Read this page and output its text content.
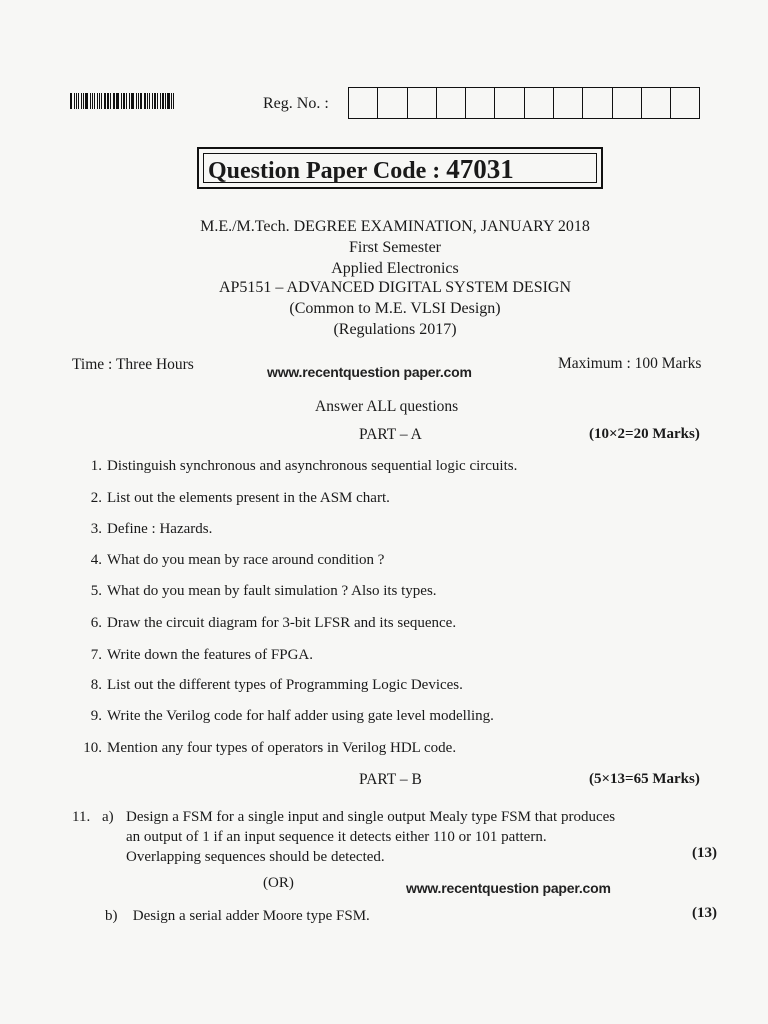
Reg. No. :
Question Paper Code : 47031
M.E./M.Tech. DEGREE EXAMINATION, JANUARY 2018
First Semester
Applied Electronics
AP5151 – ADVANCED DIGITAL SYSTEM DESIGN
(Common to M.E. VLSI Design)
(Regulations 2017)
Time : Three Hours	www.recentquestion paper.com	Maximum : 100 Marks
Answer ALL questions
PART – A	(10×2=20 Marks)
1. Distinguish synchronous and asynchronous sequential logic circuits.
2. List out the elements present in the ASM chart.
3. Define : Hazards.
4. What do you mean by race around condition ?
5. What do you mean by fault simulation ? Also its types.
6. Draw the circuit diagram for 3-bit LFSR and its sequence.
7. Write down the features of FPGA.
8. List out the different types of Programming Logic Devices.
9. Write the Verilog code for half adder using gate level modelling.
10. Mention any four types of operators in Verilog HDL code.
PART – B	(5×13=65 Marks)
11. a) Design a FSM for a single input and single output Mealy type FSM that produces
an output of 1 if an input sequence it detects either 110 or 101 pattern.
Overlapping sequences should be detected.	(13)
(OR)	www.recentquestion paper.com
b) Design a serial adder Moore type FSM.	(13)
